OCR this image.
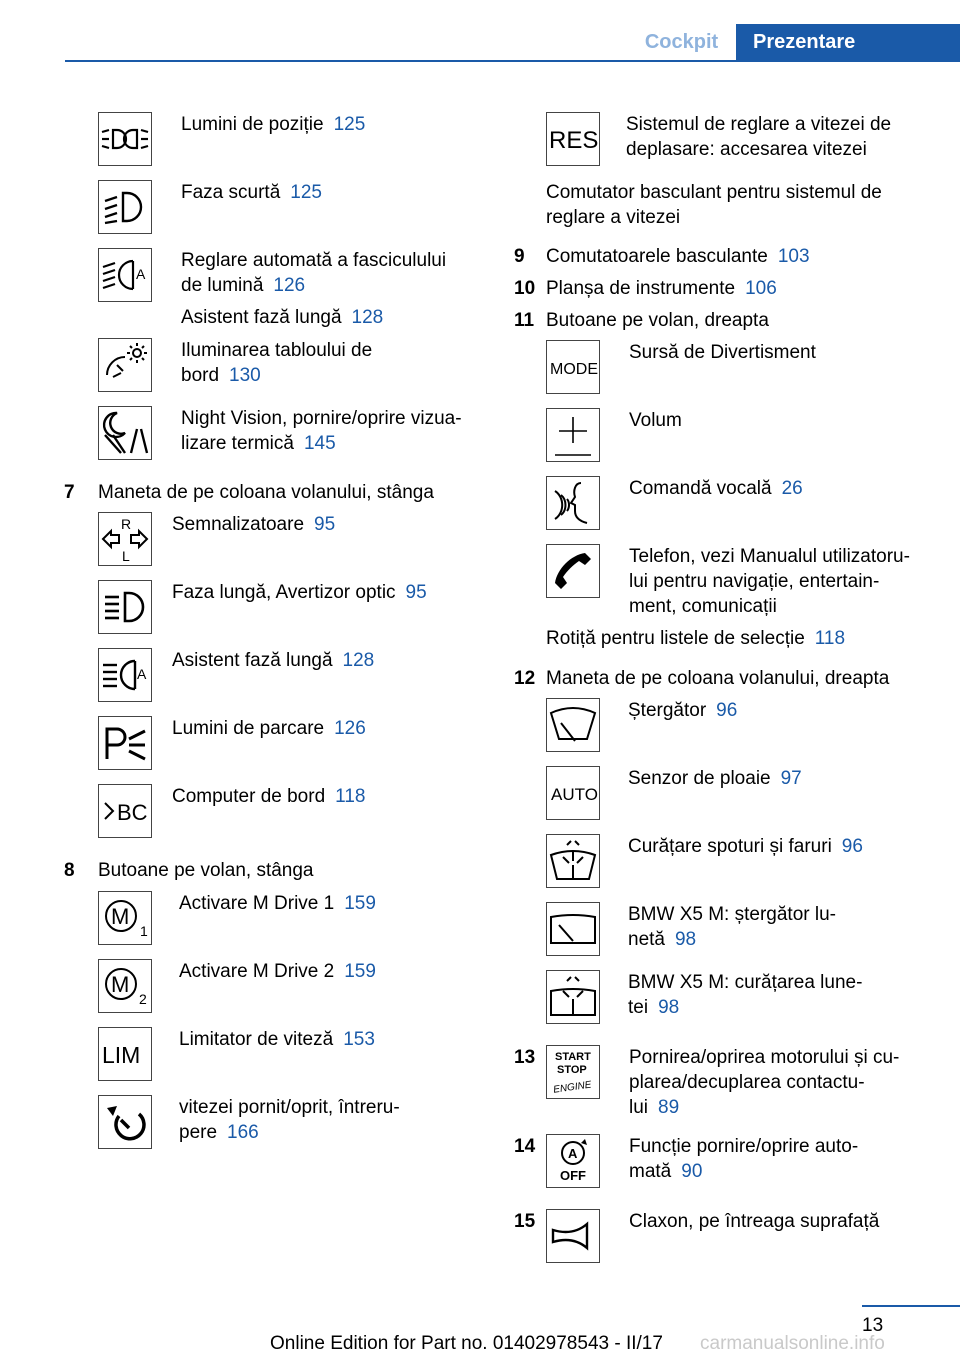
Cockpit	Prezentare
Lumini de poziție 125
Faza scurtă 125
A
Reglare automată a fasciculului
de lumină 126
Asistent fază lungă 128
Iluminarea tabloului de
bord 130
Night Vision, pornire/oprire vizua-
lizare termică 145
7 Maneta de pe coloana volanului, stânga
R
L
Semnalizatoare 95
Faza lungă, Avertizor optic 95
A
Asistent fază lungă 128
Lumini de parcare 126
BC
Computer de bord 118
8 Butoane pe volan, stânga
M
1
Activare M Drive 1 159
M
2
Activare M Drive 2 159
LIM
Limitator de viteză 153
vitezei pornit/oprit, întreru-
pere 166
RES
Sistemul de reglare a vitezei de
deplasare: accesarea vitezei
Comutator basculant pentru sistemul de
reglare a vitezei
9 Comutatoarele basculante 103
10 Planșa de instrumente 106
11 Butoane pe volan, dreapta
MODE
Sursă de Divertisment
Volum
Comandă vocală 26
Telefon, vezi Manualul utilizatoru-
lui pentru navigație, entertain-
ment, comunicații
Rotiță pentru listele de selecție 118
12 Maneta de pe coloana volanului, dreapta
Ștergător 96
AUTO
Senzor de ploaie 97
Curățare spoturi și faruri 96
BMW X5 M: ștergător lu-
netă 98
BMW X5 M: curățarea lune-
tei 98
13 START
STOP
ENGINE
Pornirea/oprirea motorului și cu-
plarea/decuplarea contactu-
lui 89
14	A
OFF
Funcție pornire/oprire auto-
mată 90
15	Claxon, pe întreaga suprafață
13
Online Edition for Part no. 01402978543 - II/17 carmanualsonline.info
